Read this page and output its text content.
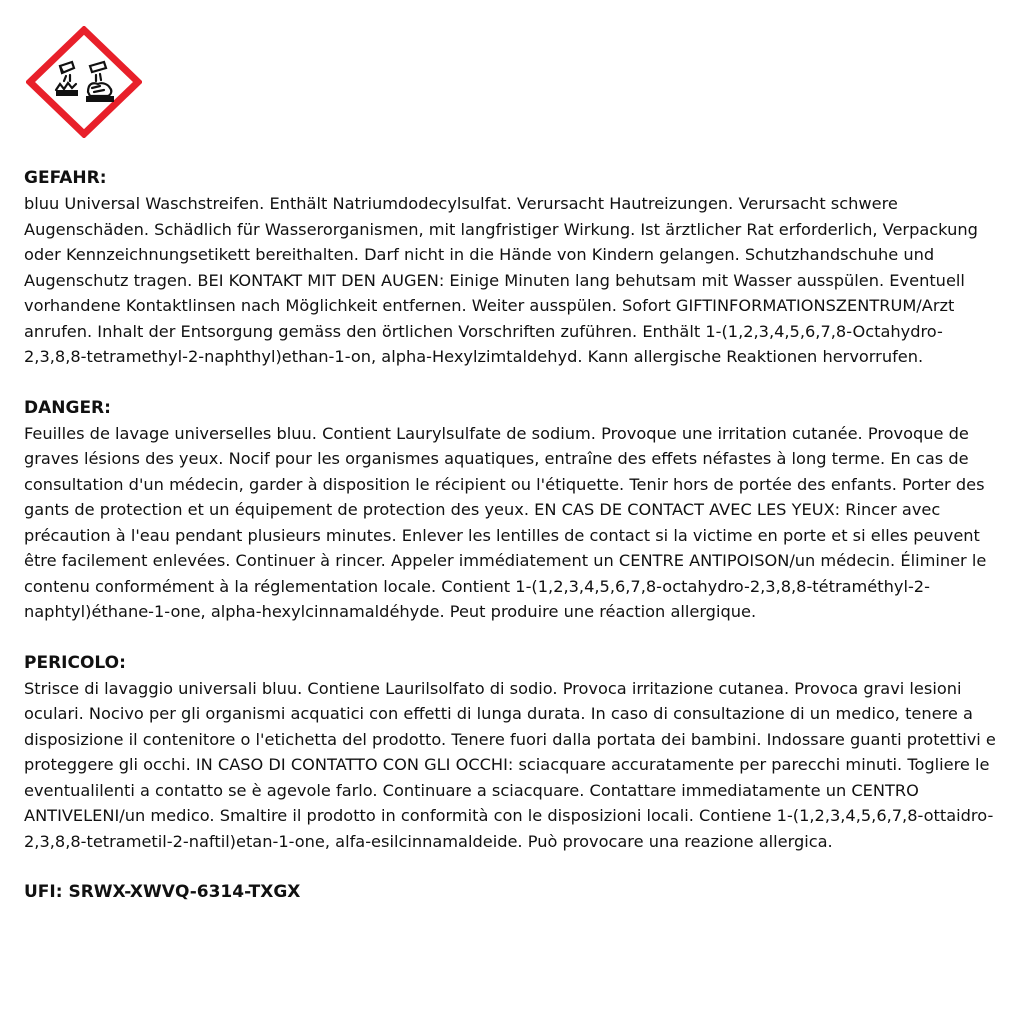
GEFAHR:

bluu Universal Waschstreifen. Enthält Natriumdodecylsulfat. Verursacht Hautreizungen. Verursacht schwere Augenschäden. Schädlich für Wasserorganismen, mit langfristiger Wirkung. Ist ärztlicher Rat erforderlich, Verpackung oder Kennzeichnungsetikett bereithalten. Darf nicht in die Hände von Kindern gelangen. Schutzhandschuhe und Augenschutz tragen. BEI KONTAKT MIT DEN AUGEN: Einige Minuten lang behutsam mit Wasser ausspülen. Eventuell vorhandene Kontaktlinsen nach Möglichkeit entfernen. Weiter ausspülen. Sofort GIFTINFORMATIONSZENTRUM/Arzt anrufen. Inhalt der Entsorgung gemäss den örtlichen Vorschriften zuführen. Enthält 1-(1,2,3,4,5,6,7,8-Octahydro-2,3,8,8-tetramethyl-2-naphthyl)ethan-1-on, alpha-Hexylzimtaldehyd. Kann allergische Reaktionen hervorrufen.

DANGER:

Feuilles de lavage universelles bluu. Contient Laurylsulfate de sodium. Provoque une irritation cutanée. Provoque de graves lésions des yeux. Nocif pour les organismes aquatiques, entraîne des effets néfastes à long terme. En cas de consultation d'un médecin, garder à disposition le récipient ou l'étiquette. Tenir hors de portée des enfants. Porter des gants de protection et un équipement de protection des yeux. EN CAS DE CONTACT AVEC LES YEUX: Rincer avec précaution à l'eau pendant plusieurs minutes. Enlever les lentilles de contact si la victime en porte et si elles peuvent être facilement enlevées. Continuer à rincer. Appeler immédiatement un CENTRE ANTIPOISON/un médecin. Éliminer le contenu conformément à la réglementation locale. Contient 1-(1,2,3,4,5,6,7,8-octahydro-2,3,8,8-tétraméthyl-2-naphtyl)éthane-1-one, alpha-hexylcinnamaldéhyde. Peut produire une réaction allergique.

PERICOLO:

Strisce di lavaggio universali bluu. Contiene Laurilsolfato di sodio. Provoca irritazione cutanea. Provoca gravi lesioni oculari. Nocivo per gli organismi acquatici con effetti di lunga durata. In caso di consultazione di un medico, tenere a disposizione il contenitore o l'etichetta del prodotto. Tenere fuori dalla portata dei bambini. Indossare guanti protettivi e proteggere gli occhi. IN CASO DI CONTATTO CON GLI OCCHI: sciacquare accuratamente per parecchi minuti. Togliere le eventualilenti a contatto se è agevole farlo. Continuare a sciacquare. Contattare immediatamente un CENTRO ANTIVELENI/un medico. Smaltire il prodotto in conformità con le disposizioni locali. Contiene 1-(1,2,3,4,5,6,7,8-ottaidro-2,3,8,8-tetrametil-2-naftil)etan-1-one, alfa-esilcinnamaldeide. Può provocare una reazione allergica.

UFI: SRWX-XWVQ-6314-TXGX
